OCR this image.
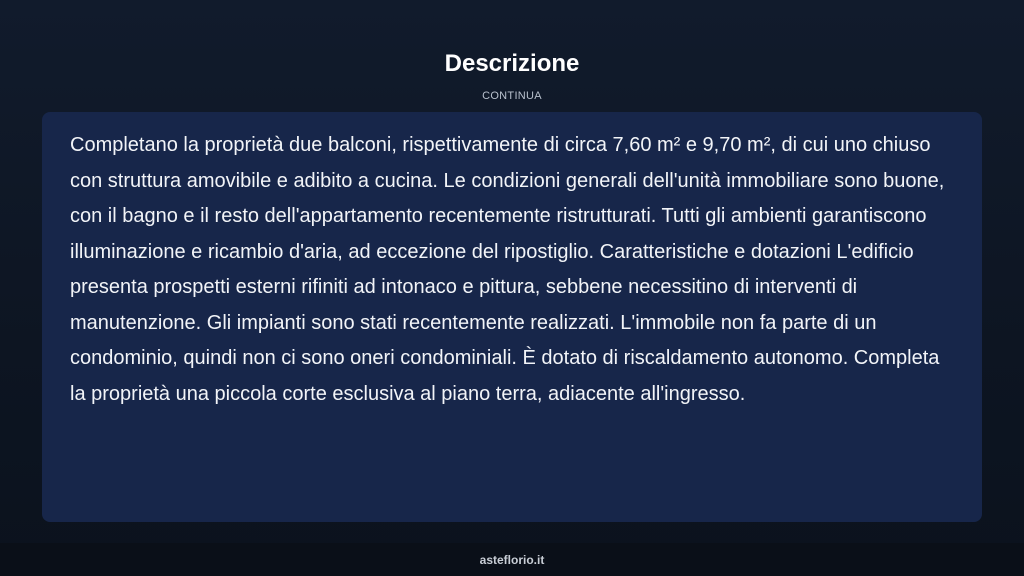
Descrizione
CONTINUA

Completano la proprietà due balconi, rispettivamente di circa 7,60 m² e 9,70 m², di cui uno chiuso con struttura amovibile e adibito a cucina. Le condizioni generali dell'unità immobiliare sono buone, con il bagno e il resto dell'appartamento recentemente ristrutturati. Tutti gli ambienti garantiscono illuminazione e ricambio d'aria, ad eccezione del ripostiglio. Caratteristiche e dotazioni L'edificio presenta prospetti esterni rifiniti ad intonaco e pittura, sebbene necessitino di interventi di manutenzione. Gli impianti sono stati recentemente realizzati. L'immobile non fa parte di un condominio, quindi non ci sono oneri condominiali. È dotato di riscaldamento autonomo. Completa la proprietà una piccola corte esclusiva al piano terra, adiacente all'ingresso.

asteflorio.it
